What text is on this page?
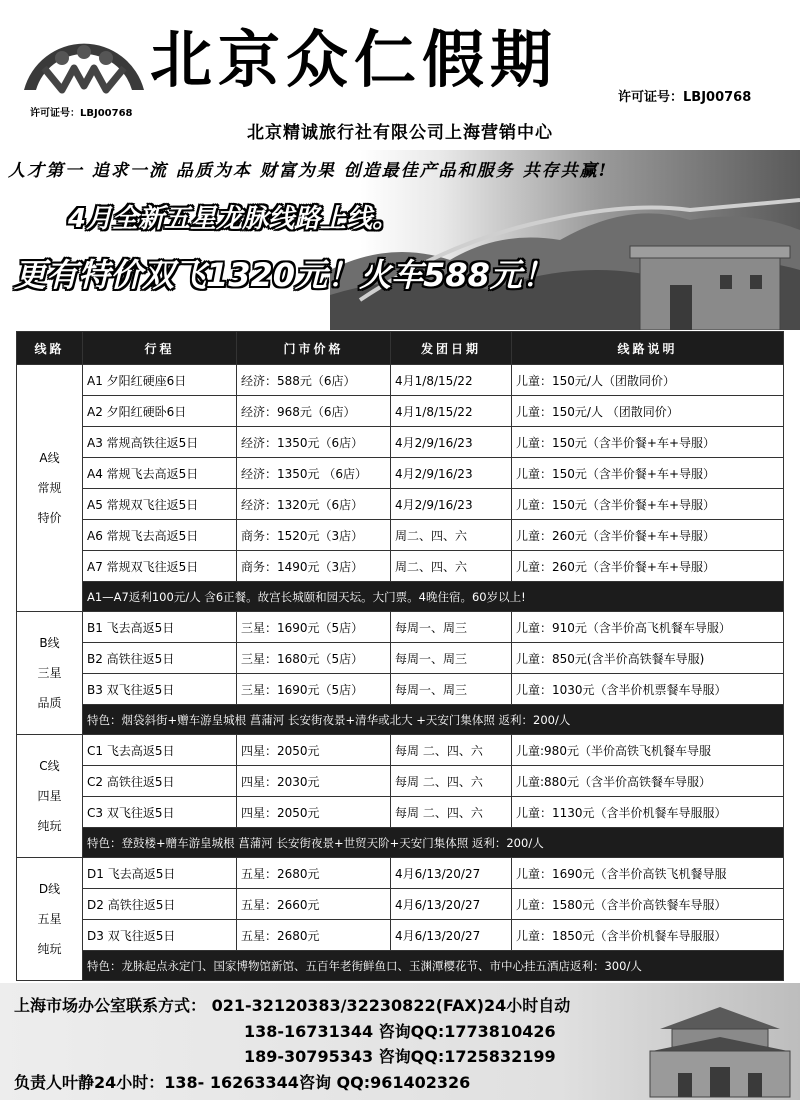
许可证号：LBJ00768
北京众仁假期
许可证号：LBJ00768
北京精诚旅行社有限公司上海营销中心
人才第一 追求一流 品质为本 财富为果 创造最佳产品和服务 共存共赢!
4月全新五星龙脉线路上线。
更有特价双飞1320元！火车588元！
线路	行程	门市价格	发团日期	线路说明

A线
常规
特价	A1 夕阳红硬座6日	经济：588元（6店）	4月1/8/15/22	儿童：150元/人（团散同价）
	A2 夕阳红硬卧6日	经济：968元（6店）	4月1/8/15/22	儿童：150元/人 （团散同价）
	A3 常规高铁往返5日	经济：1350元（6店）	4月2/9/16/23	儿童：150元（含半价餐+车+导服）
	A4 常规飞去高返5日	经济：1350元 （6店）	4月2/9/16/23	儿童：150元（含半价餐+车+导服）
	A5 常规双飞往返5日	经济：1320元（6店）	4月2/9/16/23	儿童：150元（含半价餐+车+导服）
	A6 常规飞去高返5日	商务：1520元（3店）	周二、四、六	儿童：260元（含半价餐+车+导服）
	A7 常规双飞往返5日	商务：1490元（3店）	周二、四、六	儿童：260元（含半价餐+车+导服）
	A1—A7返利100元/人 含6正餐。故宫长城颐和园天坛。大门票。4晚住宿。60岁以上!			

B线
三星
品质	B1 飞去高返5日	三星：1690元（5店）	每周一、周三	儿童：910元（含半价高飞机餐车导服）
	B2 高铁往返5日	三星：1680元（5店）	每周一、周三	儿童：850元(含半价高铁餐车导服)
	B3 双飞往返5日	三星：1690元（5店）	每周一、周三	儿童：1030元（含半价机票餐车导服）
	特色：烟袋斜街+赠车游皇城根 菖蒲河 长安街夜景+清华或北大 +天安门集体照 返利：200/人			

C线
四星
纯玩	C1 飞去高返5日	四星：2050元	每周 二、四、六	儿童:980元（半价高铁飞机餐车导服
	C2 高铁往返5日	四星：2030元	每周 二、四、六	儿童:880元（含半价高铁餐车导服）
	C3 双飞往返5日	四星：2050元	每周 二、四、六	儿童：1130元（含半价机餐车导服服）
	特色：登鼓楼+赠车游皇城根 菖蒲河 长安街夜景+世贸天阶+天安门集体照 返利：200/人			

D线
五星
纯玩	D1 飞去高返5日	五星：2680元	4月6/13/20/27	儿童：1690元（含半价高铁飞机餐导服
	D2 高铁往返5日	五星：2660元	4月6/13/20/27	儿童：1580元（含半价高铁餐车导服）
	D3 双飞往返5日	五星：2680元	4月6/13/20/27	儿童：1850元（含半价机餐车导服服）
	特色：龙脉起点永定门、国家博物馆新馆、五百年老街鲜鱼口、玉渊潭樱花节、市中心挂五酒店返利：300/人			
上海市场办公室联系方式： 021-32120383/32230822(FAX)24小时自动
138-16731344 咨询QQ:1773810426
189-30795343 咨询QQ:1725832199
负责人叶静24小时：138- 16263344咨询 QQ:961402326
